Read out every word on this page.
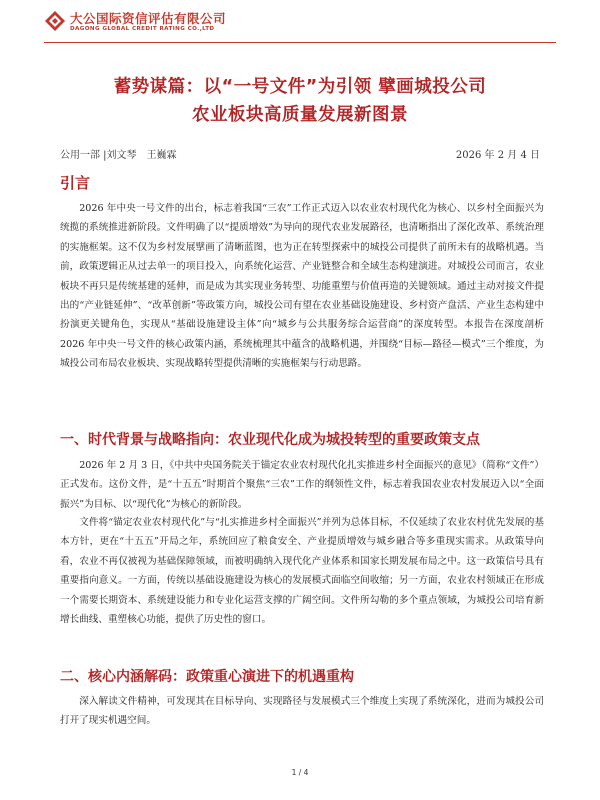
大公国际资信评估有限公司
DAGONG GLOBAL CREDIT RATING CO.,LTD
蓄势谋篇：以“一号文件”为引领 擘画城投公司
农业板块高质量发展新图景
公用一部 |刘文琴　王巍霖	2026 年 2 月 4 日
引言

2026 年中央一号文件的出台，标志着我国“三农”工作正式迈入以农业农村现代化为核心、以乡村全面振兴为统揽的系统推进新阶段。文件明确了以“提质增效”为导向的现代农业发展路径，也清晰指出了深化改革、系统治理的实施框架。这不仅为乡村发展擘画了清晰蓝图，也为正在转型探索中的城投公司提供了前所未有的战略机遇。当前，政策逻辑正从过去单一的项目投入，向系统化运营、产业链整合和全域生态构建演进。对城投公司而言，农业板块不再只是传统基建的延伸，而是成为其实现业务转型、功能重塑与价值再造的关键领域。通过主动对接文件提出的“产业链延伸”、“改革创新”等政策方向，城投公司有望在农业基础设施建设、乡村资产盘活、产业生态构建中扮演更关键角色，实现从“基础设施建设主体”向“城乡与公共服务综合运营商”的深度转型。本报告在深度剖析 2026 年中央一号文件的核心政策内涵，系统梳理其中蕴含的战略机遇，并围绕“目标—路径—模式”三个维度，为城投公司布局农业板块、实现战略转型提供清晰的实施框架与行动思路。

一、时代背景与战略指向：农业现代化成为城投转型的重要政策支点

2026 年 2 月 3 日，《中共中央国务院关于锚定农业农村现代化扎实推进乡村全面振兴的意见》（简称“文件”）正式发布。这份文件，是“十五五”时期首个聚焦“三农”工作的纲领性文件，标志着我国农业农村发展迈入以“全面振兴”为目标、以“现代化”为核心的新阶段。

文件将“锚定农业农村现代化”与“扎实推进乡村全面振兴”并列为总体目标，不仅延续了农业农村优先发展的基本方针，更在“十五五”开局之年，系统回应了粮食安全、产业提质增效与城乡融合等多重现实需求。从政策导向看，农业不再仅被视为基础保障领域，而被明确纳入现代化产业体系和国家长期发展布局之中。这一政策信号具有重要指向意义。一方面，传统以基础设施建设为核心的发展模式面临空间收缩；另一方面，农业农村领域正在形成一个需要长期资本、系统建设能力和专业化运营支撑的广阔空间。文件所勾勒的多个重点领域，为城投公司培育新增长曲线、重塑核心功能，提供了历史性的窗口。

二、核心内涵解码：政策重心演进下的机遇重构

深入解读文件精神，可发现其在目标导向、实现路径与发展模式三个维度上实现了系统深化，进而为城投公司打开了现实机遇空间。

1 / 4
